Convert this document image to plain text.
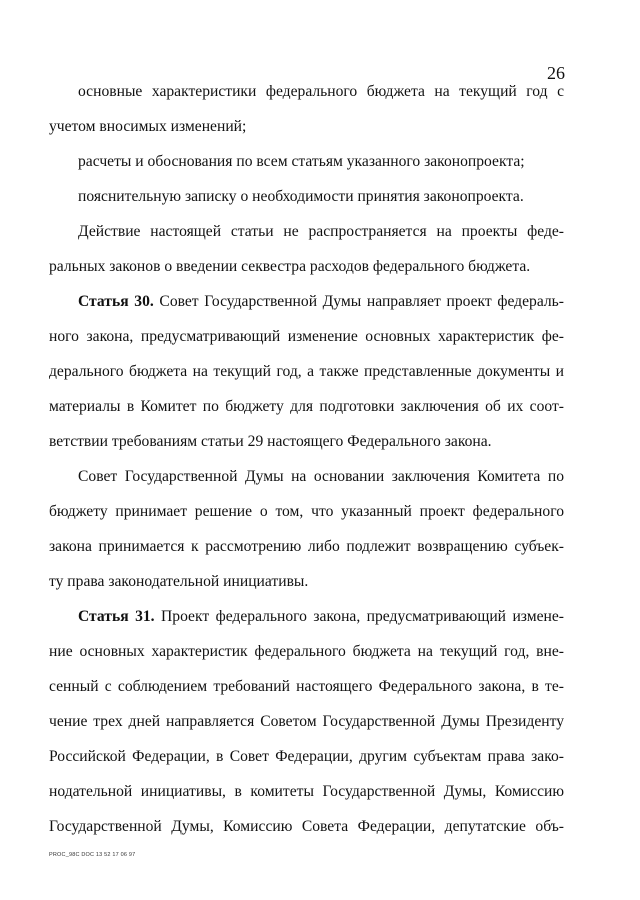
26
основные характеристики федерального бюджета на текущий год с
учетом вносимых изменений;
расчеты и обоснования по всем статьям указанного законопроекта;
пояснительную записку о необходимости принятия законопроекта.
Действие настоящей статьи не распространяется на проекты феде-
ральных законов о введении секвестра расходов федерального бюджета.
Статья 30. Совет Государственной Думы направляет проект федераль-
ного закона, предусматривающий изменение основных характеристик фе-
дерального бюджета на текущий год, а также представленные документы и
материалы в Комитет по бюджету для подготовки заключения об их соот-
ветствии требованиям статьи 29 настоящего Федерального закона.
Совет Государственной Думы на основании заключения Комитета по
бюджету принимает решение о том, что указанный проект федерального
закона принимается к рассмотрению либо подлежит возвращению субъек-
ту права законодательной инициативы.
Статья 31. Проект федерального закона, предусматривающий измене-
ние основных характеристик федерального бюджета на текущий год, вне-
сенный с соблюдением требований настоящего Федерального закона, в те-
чение трех дней направляется Советом Государственной Думы Президенту
Российской Федерации, в Совет Федерации, другим субъектам права зако-
нодательной инициативы, в комитеты Государственной Думы, Комиссию
Государственной Думы, Комиссию Совета Федерации, депутатские объ-
PROC_98C DOC 13 52 17 06 97
